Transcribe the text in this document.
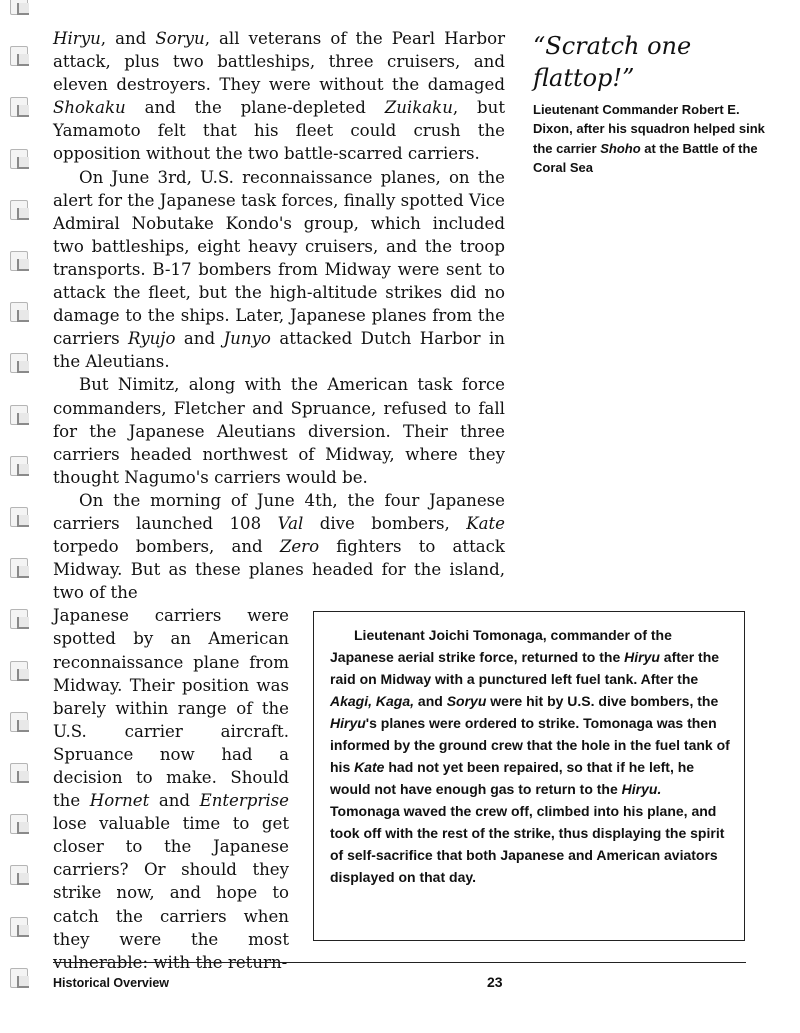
Hiryu, and Soryu, all veterans of the Pearl Harbor attack, plus two battleships, three cruisers, and eleven destroyers. They were without the damaged Shokaku and the plane-depleted Zuikaku, but Yamamoto felt that his fleet could crush the opposition without the two battle-scarred carriers.

On June 3rd, U.S. reconnaissance planes, on the alert for the Japanese task forces, finally spotted Vice Admiral Nobutake Kondo's group, which included two battleships, eight heavy cruisers, and the troop transports. B-17 bombers from Midway were sent to attack the fleet, but the high-altitude strikes did no damage to the ships. Later, Japanese planes from the carriers Ryujo and Junyo attacked Dutch Harbor in the Aleutians.

But Nimitz, along with the American task force commanders, Fletcher and Spruance, refused to fall for the Japanese Aleutians diversion. Their three carriers headed northwest of Midway, where they thought Nagumo's carriers would be.

On the morning of June 4th, the four Japanese carriers launched 108 Val dive bombers, Kate torpedo bombers, and Zero fighters to attack Midway. But as these planes headed for the island, two of the

Japanese carriers were spotted by an American reconnaissance plane from Midway. Their position was barely within range of the U.S. carrier aircraft. Spruance now had a decision to make. Should the Hornet and Enterprise lose valuable time to get closer to the Japanese carriers? Or should they strike now, and hope to catch the carriers when they were the most vulnerable: with the return-

“Scratch one flattop!”
Lieutenant Commander Robert E. Dixon, after his squadron helped sink the carrier Shoho at the Battle of the Coral Sea

Lieutenant Joichi Tomonaga, commander of the Japanese aerial strike force, returned to the Hiryu after the raid on Midway with a punctured left fuel tank. After the Akagi, Kaga, and Soryu were hit by U.S. dive bombers, the Hiryu's planes were ordered to strike. Tomonaga was then informed by the ground crew that the hole in the fuel tank of his Kate had not yet been repaired, so that if he left, he would not have enough gas to return to the Hiryu. Tomonaga waved the crew off, climbed into his plane, and took off with the rest of the strike, thus displaying the spirit of self-sacrifice that both Japanese and American aviators displayed on that day.

Historical Overview	23
